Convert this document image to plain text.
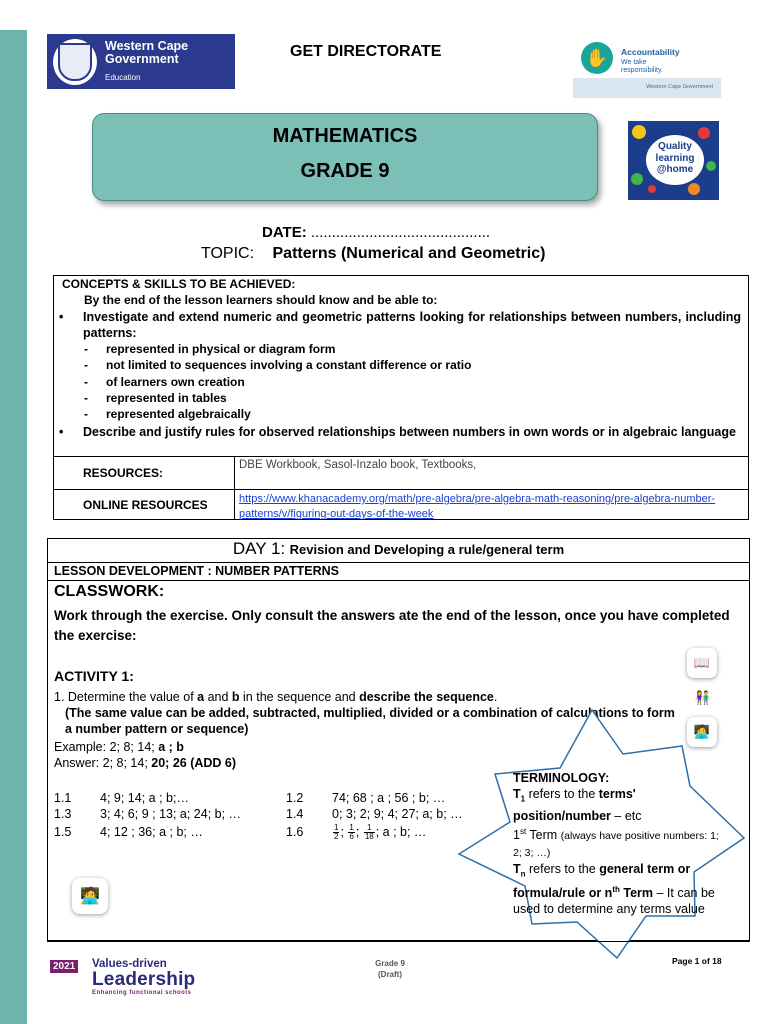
Western Cape
Government
Education
GET DIRECTORATE	✋	Accountability
We take responsibility.
Western Cape Government
MATHEMATICS
GRADE 9
Quality
learning
@home
DATE: ...........................................
TOPIC: Patterns (Numerical and Geometric)
CONCEPTS & SKILLS TO BE ACHIEVED:
By the end of the lesson learners should know and be able to:
• Investigate and extend numeric and geometric patterns looking for relationships between numbers, including patterns:
- represented in physical or diagram form
- not limited to sequences involving a constant difference or ratio
- of learners own creation
- represented in tables
- represented algebraically
• Describe and justify rules for observed relationships between numbers in own words or in algebraic language
RESOURCES:
DBE Workbook, Sasol-Inzalo book, Textbooks,
ONLINE RESOURCES	https://www.khanacademy.org/math/pre-algebra/pre-algebra-math-reasoning/pre-algebra-number-patterns/v/figuring-out-days-of-the-week
DAY 1: Revision and Developing a rule/general term
LESSON DEVELOPMENT : NUMBER PATTERNS
CLASSWORK:
Work through the exercise. Only consult the answers ate the end of the lesson, once you have completed the exercise:
ACTIVITY 1:
1. Determine the value of a and b in the sequence and describe the sequence.
(The same value can be added, subtracted, multiplied, divided or a combination of calculations to form a number pattern or sequence)
Example: 2; 8; 14; a ; b
Answer: 2; 8; 14; 20; 26 (ADD 6)
1.1 4; 9; 14; a ; b;…	1.2 74; 68 ; a ; 56 ; b; …
1.3 3; 4; 6; 9 ; 13; a; 24; b; …	1.4 0; 3; 2; 9; 4; 27; a; b; …
1.5 4; 12 ; 36; a ; b; …	1.6	$\frac{1}{2}$ ; $\frac{1}{6}$ ; $\frac{1}{18}$ ; a ; b; …
📖
👫
🧑‍💻
🧑‍💻
TERMINOLOGY:
$T_1$ refers to the terms' position/number – etc
1st Term (always have positive numbers: 1; 2; 3; …)
$T_n$ refers to the general term or formula/rule or $n^{th}$ Term – It can be used to determine any terms value
2021 Values-driven
Leadership
Enhancing functional schools
Grade 9
(Draft)
Page 1 of 18
